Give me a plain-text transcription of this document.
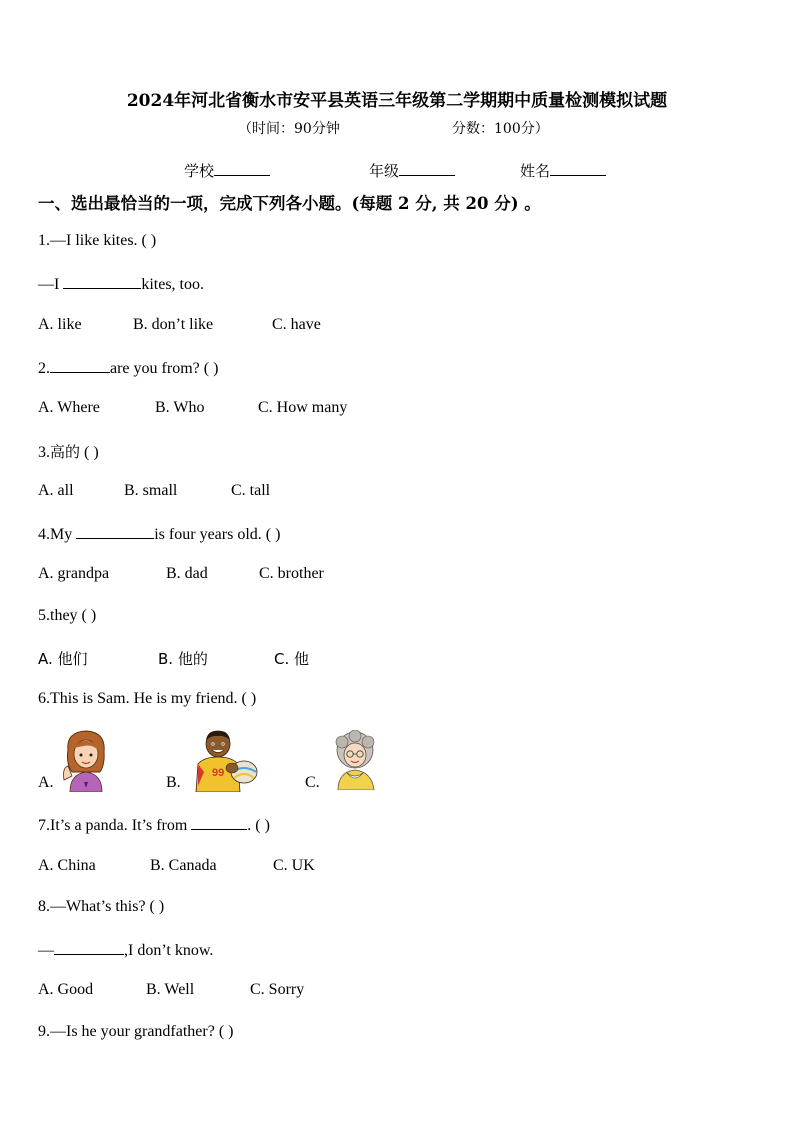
2024年河北省衡水市安平县英语三年级第二学期期中质量检测模拟试题
（时间：90分钟	分数：100分）
学校	年级	姓名
一、选出最恰当的一项，完成下列各小题。(每题 2 分, 共 20 分) 。
1.—I like kites. ( )
—I	kites, too.
A. like	B. don’t like	C. have
2.	are you from? ( )
A. Where	B. Who	C. How many
3.高的 ( )
A. all	B. small	C. tall
4.My	is four years old. ( )
A. grandpa	B. dad	C. brother
5.they ( )
A. 他们	B. 他的	C. 他
6.This is Sam. He is my friend. ( )
A.	B.
99
C.
7.It’s a panda. It’s from	. ( )
A. China	B. Canada	C. UK
8.—What’s this? ( )
—	,I don’t know.
A. Good	B. Well	C. Sorry
9.—Is he your grandfather? ( )
